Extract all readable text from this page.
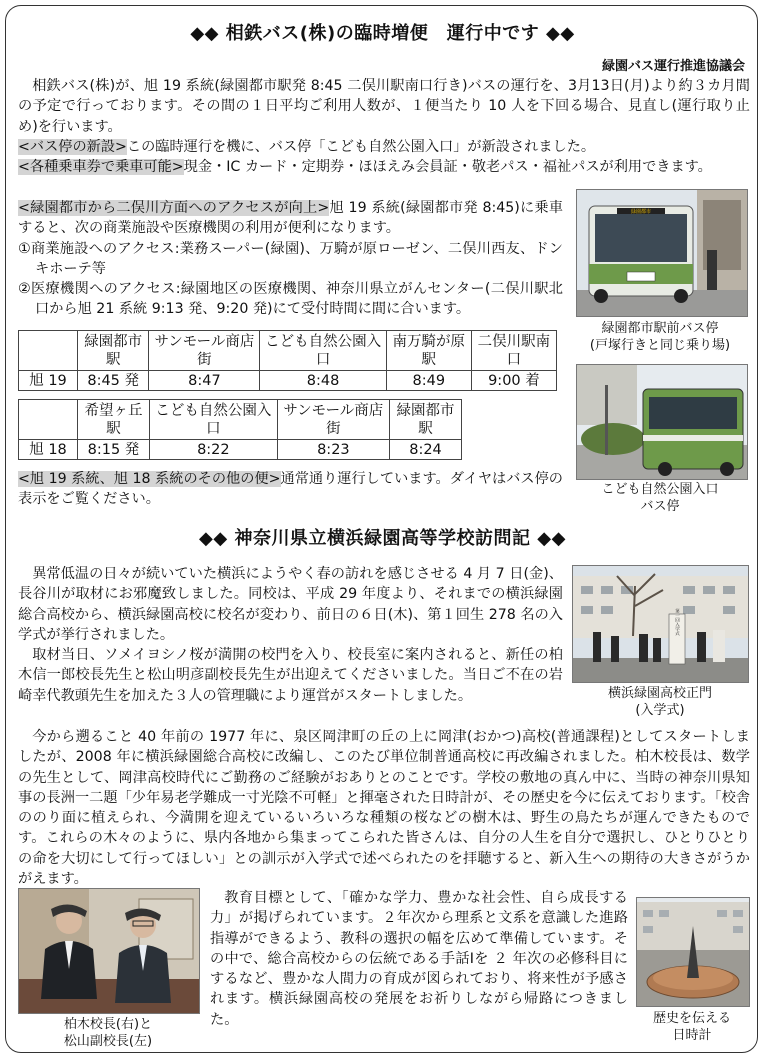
◆◆ 相鉄バス(株)の臨時増便　運行中です ◆◆
緑園バス運行推進協議会

相鉄バス(株)が、旭 19 系統(緑園都市駅発 8:45 二俣川駅南口行き)バスの運行を、3月13日(月)より約３カ月間の予定で行っております。その間の１日平均ご利用人数が、１便当たり 10 人を下回る場合、見直し(運行取り止め)を行います。

<バス停の新設>この臨時運行を機に、バス停「こども自然公園入口」が新設されました。

<各種乗車券で乗車可能>現金・IC カード・定期券・ほほえみ会員証・敬老パス・福祉パスが利用できます。

<緑園都市から二俣川方面へのアクセスが向上>旭 19 系統(緑園都市発 8:45)に乗車すると、次の商業施設や医療機関の利用が便利になります。

①商業施設へのアクセス:業務スーパー(緑園)、万騎が原ローゼン、二俣川西友、ドンキホーテ等

②医療機関へのアクセス:緑園地区の医療機関、神奈川県立がんセンター(二俣川駅北口から旭 21 系統 9:13 発、9:20 発)にて受付時間に間に合います。

	緑園都市駅	サンモール商店街	こども自然公園入口	南万騎が原駅	二俣川駅南口
旭 19	8:45 発	8:47	8:48	8:49	9:00 着
	希望ヶ丘駅	こども自然公園入口	サンモール商店街	緑園都市駅
旭 18	8:15 発	8:22	8:23	8:24

<旭 19 系統、旭 18 系統のその他の便>通常通り運行しています。ダイヤはバス停の表示をご覧ください。

緑園都市
緑園都市駅前バス停
(戸塚行きと同じ乗り場)
こども自然公園入口
バス停
◆◆ 神奈川県立横浜緑園高等学校訪問記 ◆◆

異常低温の日々が続いていた横浜にようやく春の訪れを感じさせる 4 月 7 日(金)、長谷川が取材にお邪魔致しました。同校は、平成 29 年度より、それまでの横浜緑園総合高校から、横浜緑園高校に校名が変わり、前日の６日(木)、第１回生 278 名の入学式が挙行されました。

取材当日、ソメイヨシノ桜が満開の校門を入り、校長室に案内されると、新任の柏木信一郎校長先生と松山明彦副校長先生が出迎えてくださいました。当日ご不在の岩崎幸代教頭先生を加えた３人の管理職により運営がスタートしました。

今から遡ること 40 年前の 1977 年に、泉区岡津町の丘の上に岡津(おかつ)高校(普通課程)としてスタートしましたが、2008 年に横浜緑園総合高校に改編し、このたび単位制普通高校に再改編されました。柏木校長は、数学の先生として、岡津高校時代にご勤務のご経験がおありとのことです。学校の敷地の真ん中に、当時の神奈川県知事の長洲一二題「少年易老学難成一寸光陰不可軽」と揮毫された日時計が、その歴史を今に伝えております。「校舎ののり面に植えられ、今満開を迎えているいろいろな種類の桜などの樹木は、野生の鳥たちが運んできたものです。これらの木々のように、県内各地から集まってこられた皆さんは、自分の人生を自分で選択し、ひとりひとりの命を大切にして行ってほしい」との訓示が入学式で述べられたのを拝聴すると、新入生への期待の大きさがうかがえます。

教育目標として、「確かな学力、豊かな社会性、自ら成長する力」が掲げられています。２年次から理系と文系を意識した進路指導ができるよう、教科の選択の幅を広めて準備しています。その中で、総合高校からの伝統である手話Ⅰを ２ 年次の必修科目にするなど、豊かな人間力の育成が図られており、将来性が予感されます。横浜緑園高校の発展をお祈りしながら帰路につきました。

第一回入学式
横浜緑園高校正門
(入学式)
柏木校長(右)と
松山副校長(左)
歴史を伝える
日時計
